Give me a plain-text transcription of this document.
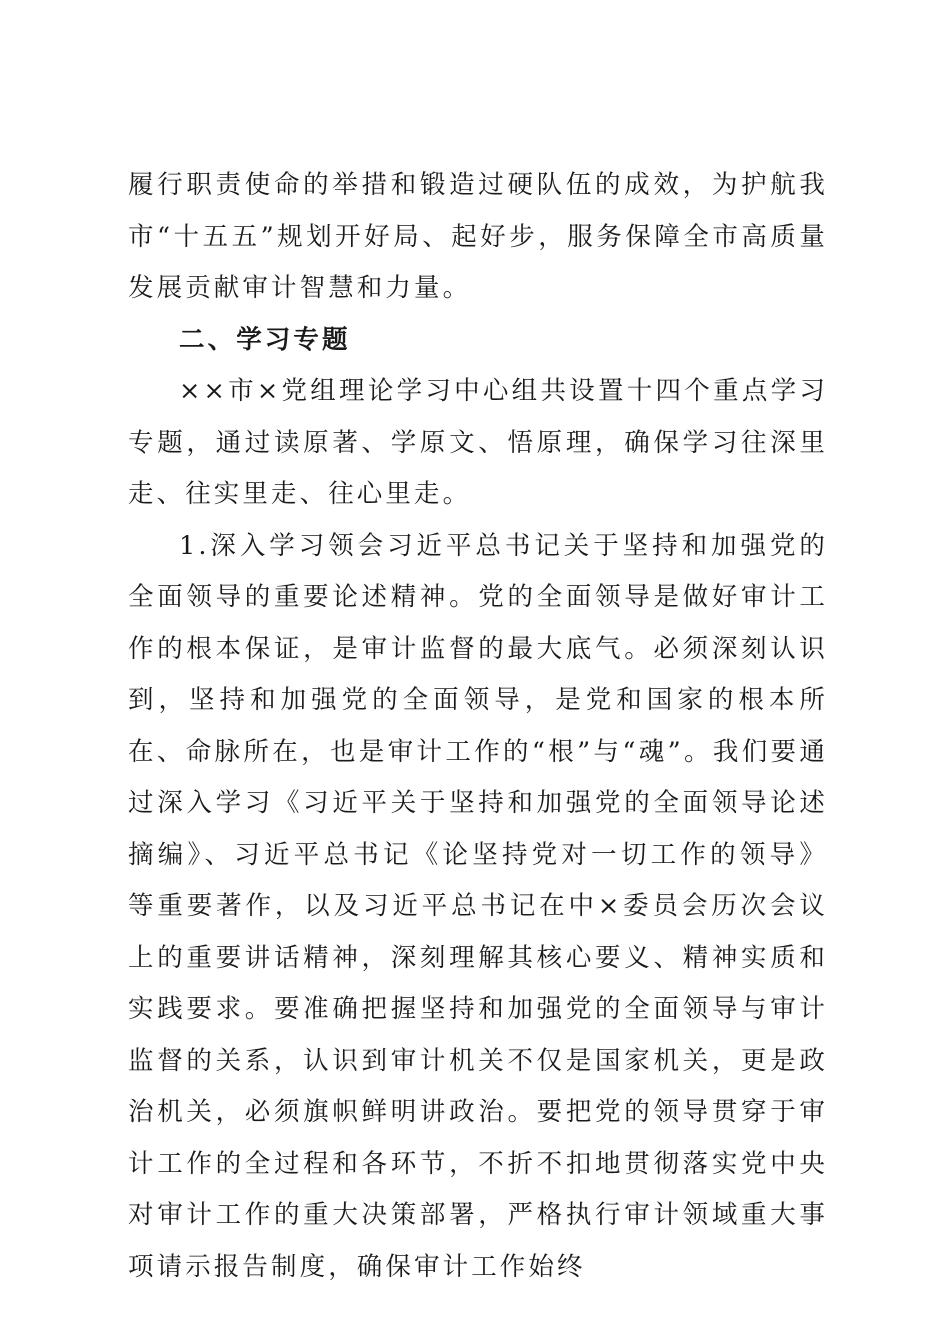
履行职责使命的举措和锻造过硬队伍的成效，为护航我市“十五五”规划开好局、起好步，服务保障全市高质量发展贡献审计智慧和力量。

二、学习专题

××市×党组理论学习中心组共设置十四个重点学习专题，通过读原著、学原文、悟原理，确保学习往深里走、往实里走、往心里走。

1.深入学习领会习近平总书记关于坚持和加强党的全面领导的重要论述精神。党的全面领导是做好审计工作的根本保证，是审计监督的最大底气。必须深刻认识到，坚持和加强党的全面领导，是党和国家的根本所在、命脉所在，也是审计工作的“根”与“魂”。我们要通过深入学习《习近平关于坚持和加强党的全面领导论述摘编》、习近平总书记《论坚持党对一切工作的领导》等重要著作，以及习近平总书记在中×委员会历次会议上的重要讲话精神，深刻理解其核心要义、精神实质和实践要求。要准确把握坚持和加强党的全面领导与审计监督的关系，认识到审计机关不仅是国家机关，更是政治机关，必须旗帜鲜明讲政治。要把党的领导贯穿于审计工作的全过程和各环节，不折不扣地贯彻落实党中央对审计工作的重大决策部署，严格执行审计领域重大事项请示报告制度，确保审计工作始终
